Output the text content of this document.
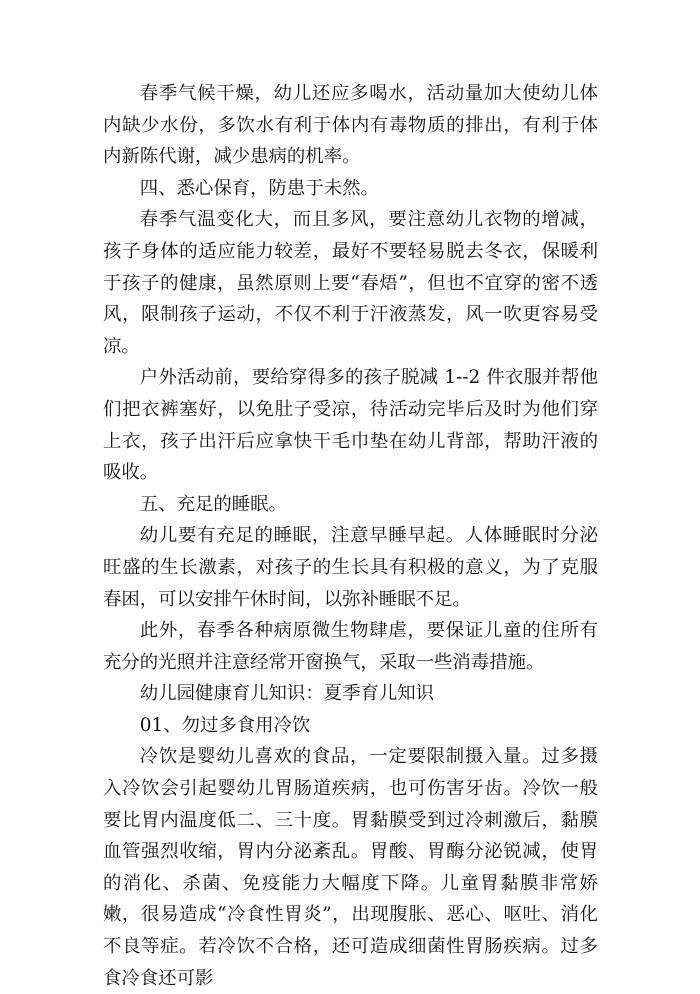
春季气候干燥，幼儿还应多喝水，活动量加大使幼儿体内缺少水份，多饮水有利于体内有毒物质的排出，有利于体内新陈代谢，减少患病的机率。

四、悉心保育，防患于未然。

春季气温变化大，而且多风，要注意幼儿衣物的增减，孩子身体的适应能力较差，最好不要轻易脱去冬衣，保暖利于孩子的健康，虽然原则上要“春焐”，但也不宜穿的密不透风，限制孩子运动，不仅不利于汗液蒸发，风一吹更容易受凉。

户外活动前，要给穿得多的孩子脱减 1--2 件衣服并帮他们把衣裤塞好，以免肚子受凉，待活动完毕后及时为他们穿上衣，孩子出汗后应拿快干毛巾垫在幼儿背部，帮助汗液的吸收。

五、充足的睡眠。

幼儿要有充足的睡眠，注意早睡早起。人体睡眠时分泌旺盛的生长激素，对孩子的生长具有积极的意义，为了克服春困，可以安排午休时间，以弥补睡眠不足。

此外，春季各种病原微生物肆虐，要保证儿童的住所有充分的光照并注意经常开窗换气，采取一些消毒措施。

幼儿园健康育儿知识：夏季育儿知识

01、勿过多食用冷饮

冷饮是婴幼儿喜欢的食品，一定要限制摄入量。过多摄入冷饮会引起婴幼儿胃肠道疾病，也可伤害牙齿。冷饮一般要比胃内温度低二、三十度。胃黏膜受到过冷刺激后，黏膜血管强烈收缩，胃内分泌紊乱。胃酸、胃酶分泌锐减，使胃的消化、杀菌、免疫能力大幅度下降。儿童胃黏膜非常娇嫩，很易造成“冷食性胃炎”，出现腹胀、恶心、呕吐、消化不良等症。若冷饮不合格，还可造成细菌性胃肠疾病。过多食冷食还可影
